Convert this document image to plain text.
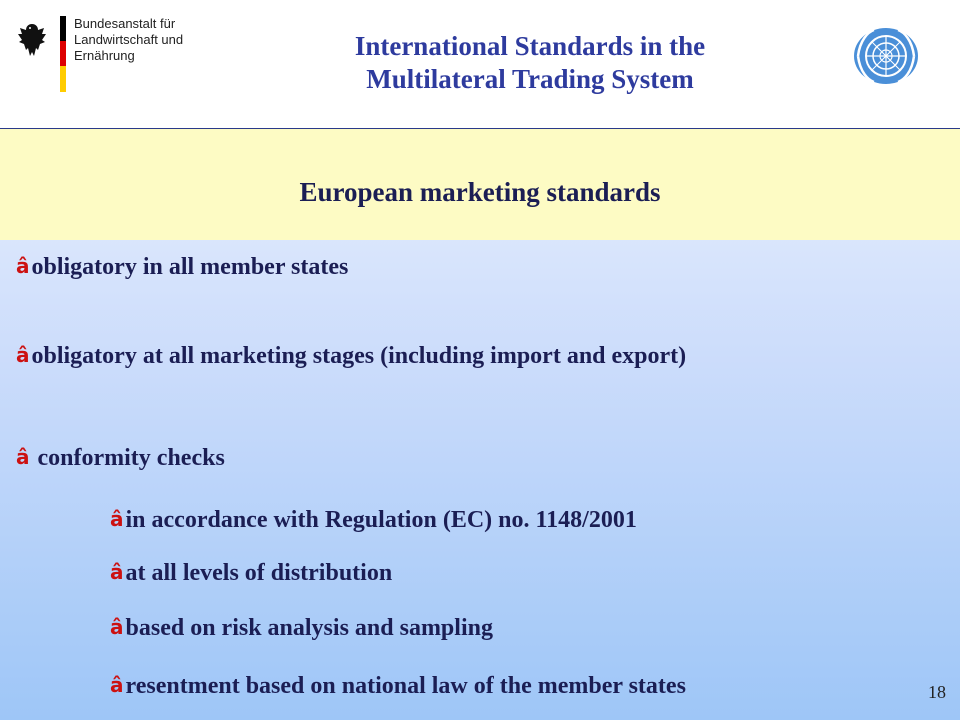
Bundesanstalt für
Landwirtschaft und Ernährung	International Standards in the
Multilateral Trading System
European marketing standards
âobligatory in all member states
âobligatory at all marketing stages (including import and export)
â conformity checks
âin accordance with Regulation (EC) no. 1148/2001
âat all levels of distribution
âbased on risk analysis and sampling
âresentment based on national law of the member states	18
